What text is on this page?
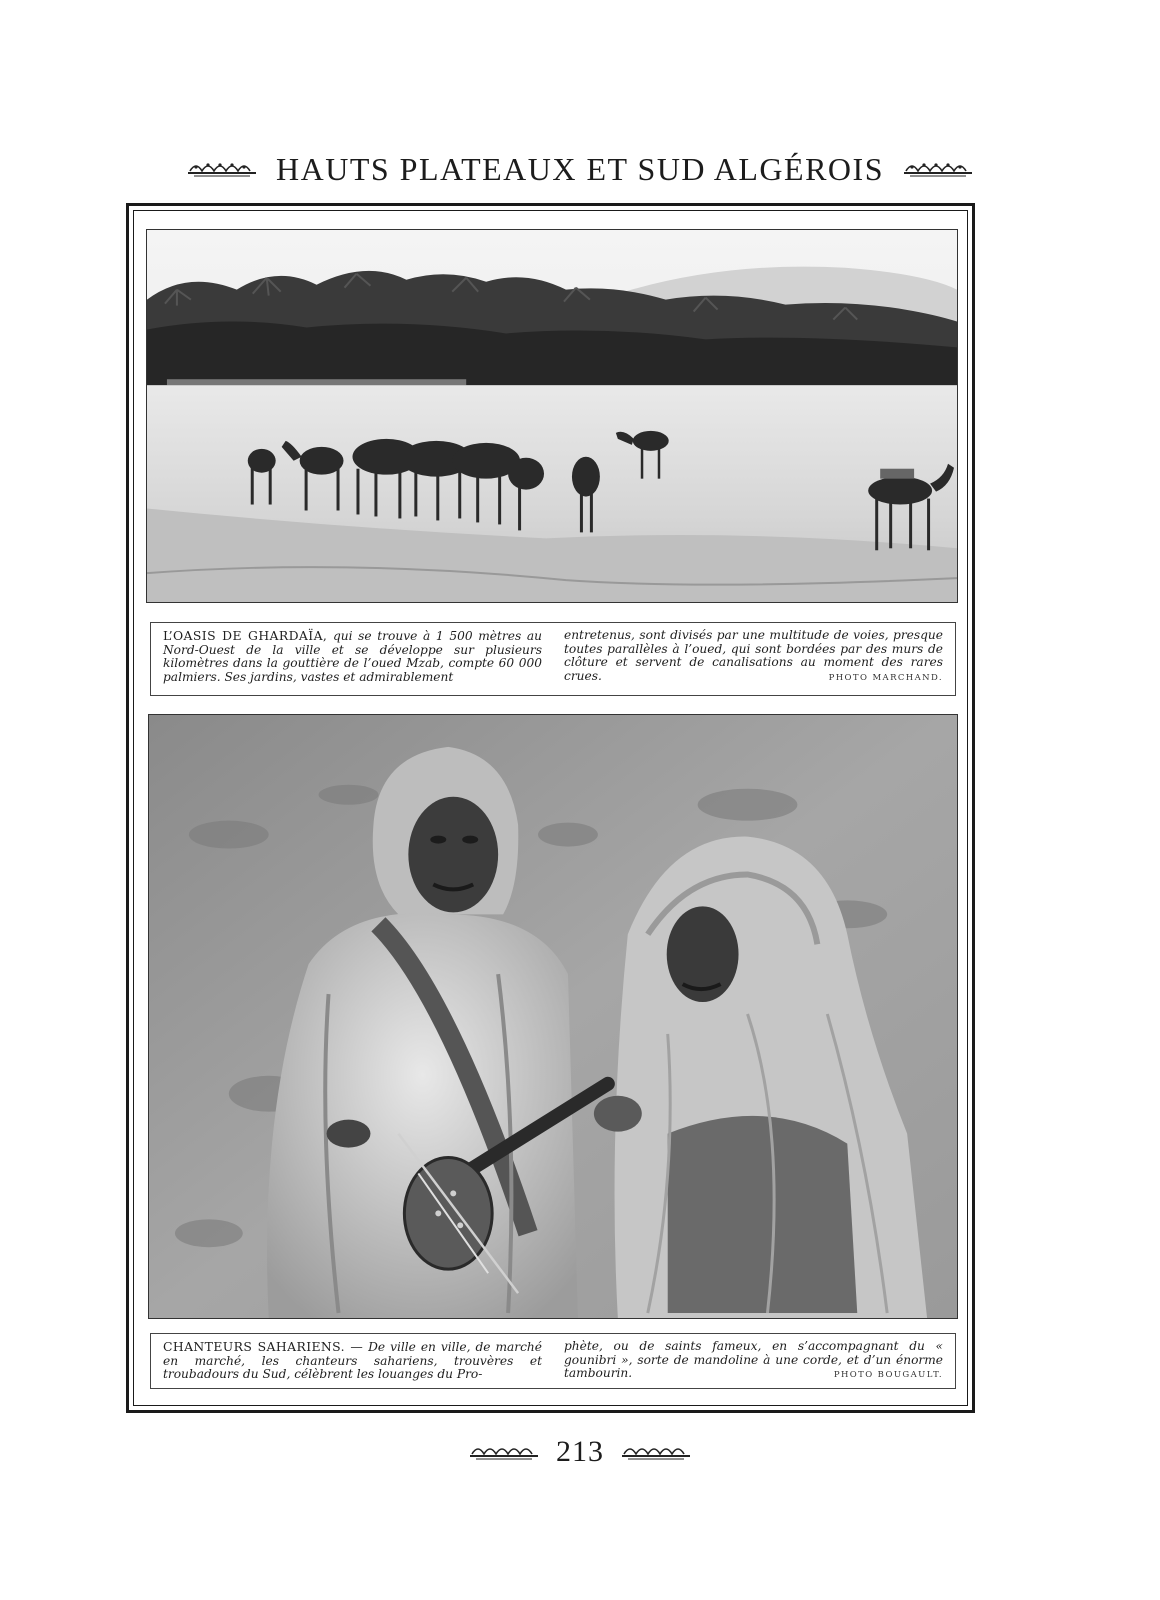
HAUTS PLATEAUX ET SUD ALGÉROIS
L’OASIS DE GHARDAÏA, qui se trouve à 1 500 mètres au Nord-Ouest de la ville et se développe sur plusieurs kilomètres dans la gouttière de l’oued Mzab, compte 60 000 palmiers. Ses jardins, vastes et admirablement
entretenus, sont divisés par une multitude de voies, presque toutes parallèles à l’oued, qui sont bordées par des murs de clôture et servent de canalisations au moment des rares crues.	PHOTO MARCHAND.
CHANTEURS SAHARIENS. — De ville en ville, de marché en marché, les chanteurs sahariens, trouvères et troubadours du Sud, célèbrent les louanges du Pro-
phète, ou de saints fameux, en s’accompagnant du « gounibri », sorte de mandoline à une corde, et d’un énorme tambourin.	PHOTO BOUGAULT.
213
